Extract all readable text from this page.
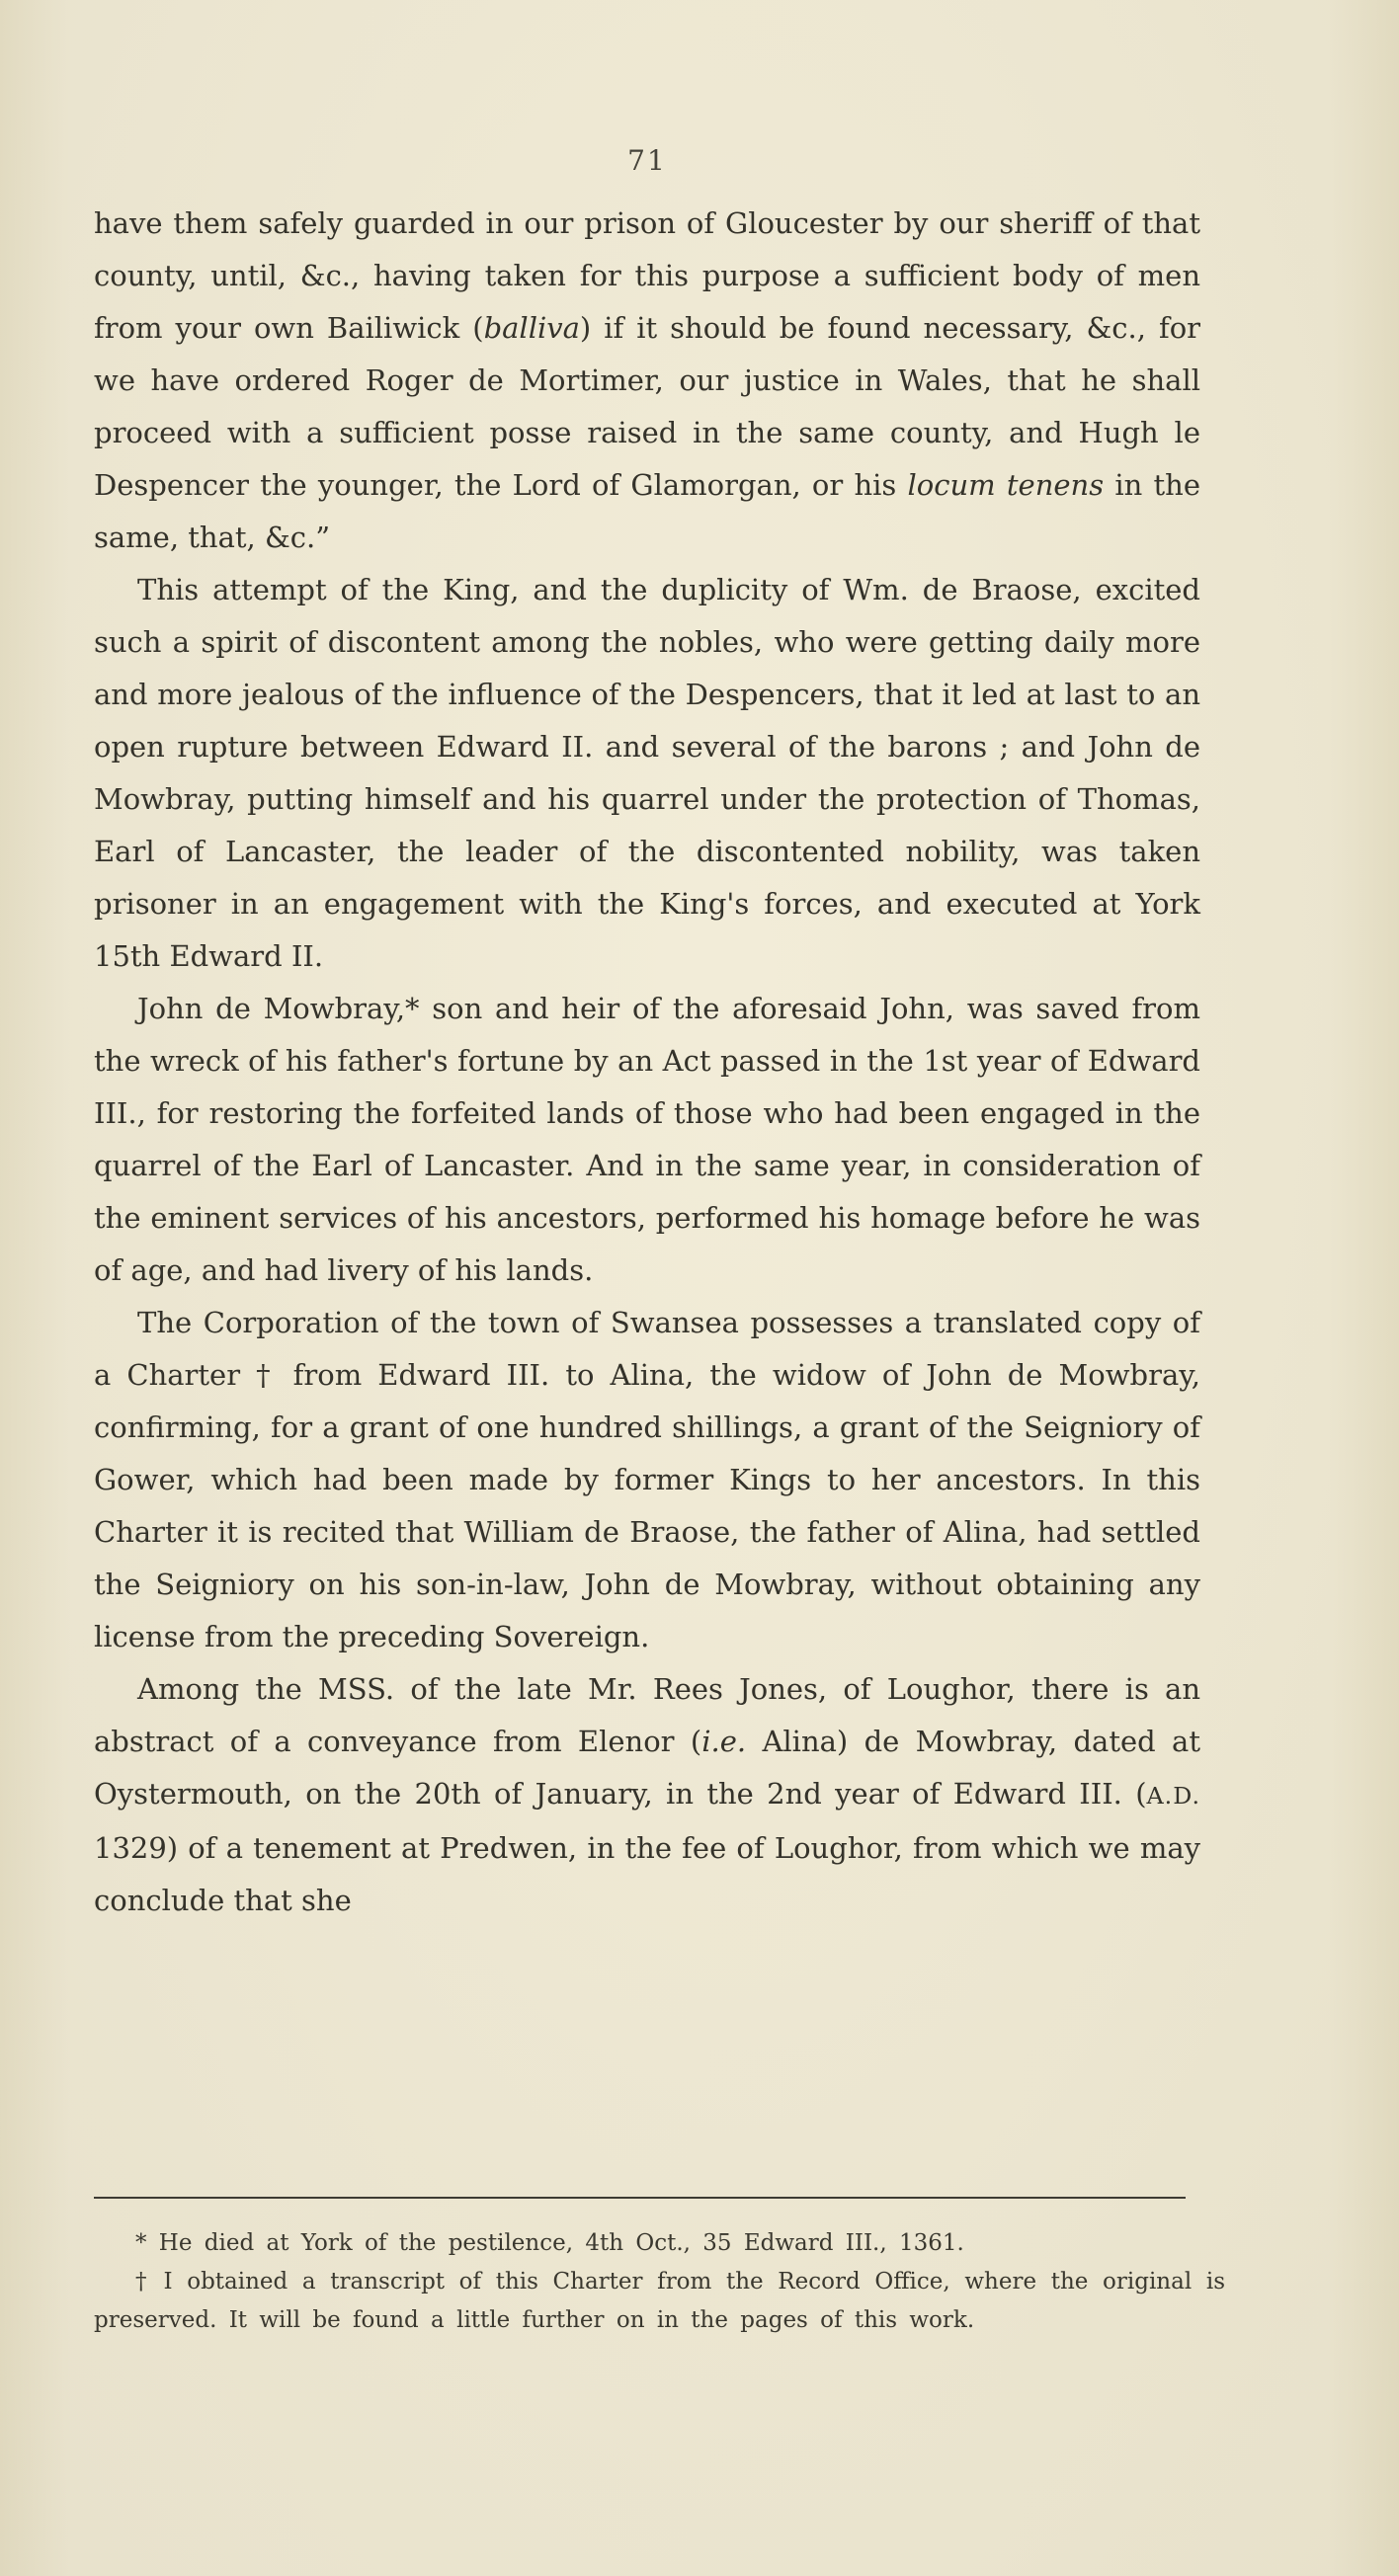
71

have them safely guarded in our prison of Gloucester by our sheriff of that county, until, &c., having taken for this purpose a sufficient body of men from your own Bailiwick (balliva) if it should be found necessary, &c., for we have ordered Roger de Mortimer, our justice in Wales, that he shall proceed with a sufficient posse raised in the same county, and Hugh le Despencer the younger, the Lord of Glamorgan, or his locum tenens in the same, that, &c.”

This attempt of the King, and the duplicity of Wm. de Braose, excited such a spirit of discontent among the nobles, who were getting daily more and more jealous of the influence of the Despencers, that it led at last to an open rupture between Edward II. and several of the barons ; and John de Mowbray, putting himself and his quarrel under the protection of Thomas, Earl of Lancaster, the leader of the discontented nobility, was taken prisoner in an engagement with the King's forces, and executed at York 15th Edward II.

John de Mowbray,* son and heir of the aforesaid John, was saved from the wreck of his father's fortune by an Act passed in the 1st year of Edward III., for restoring the forfeited lands of those who had been engaged in the quarrel of the Earl of Lancaster. And in the same year, in consideration of the eminent services of his ancestors, performed his homage before he was of age, and had livery of his lands.

The Corporation of the town of Swansea possesses a translated copy of a Charter † from Edward III. to Alina, the widow of John de Mowbray, confirming, for a grant of one hundred shillings, a grant of the Seigniory of Gower, which had been made by former Kings to her ancestors. In this Charter it is recited that William de Braose, the father of Alina, had settled the Seigniory on his son-in-law, John de Mowbray, without obtaining any license from the preceding Sovereign.

Among the MSS. of the late Mr. Rees Jones, of Loughor, there is an abstract of a conveyance from Elenor (i.e. Alina) de Mowbray, dated at Oystermouth, on the 20th of January, in the 2nd year of Edward III. (A.D. 1329) of a tenement at Predwen, in the fee of Loughor, from which we may conclude that she

* He died at York of the pestilence, 4th Oct., 35 Edward III., 1361.

† I obtained a transcript of this Charter from the Record Office, where the original is preserved. It will be found a little further on in the pages of this work.
